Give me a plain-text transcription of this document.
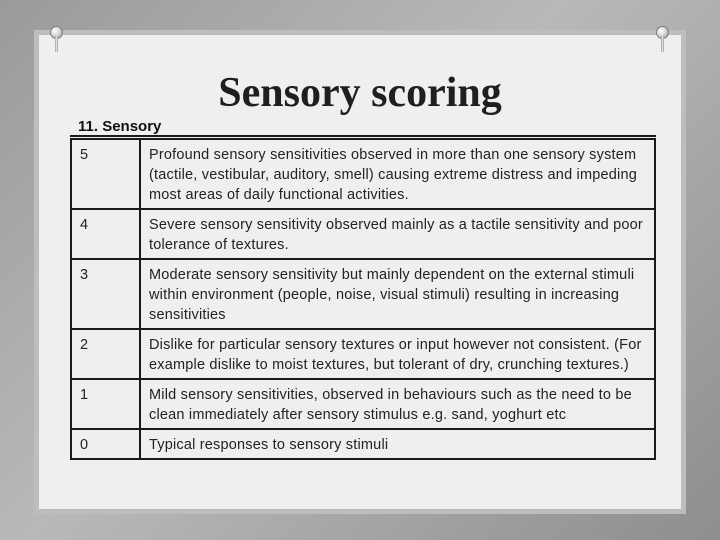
Sensory scoring
11. Sensory
5	Profound sensory sensitivities observed in more than one sensory system (tactile, vestibular, auditory, smell) causing extreme distress and impeding most areas of daily functional activities.
4	Severe sensory sensitivity observed mainly as a tactile sensitivity and poor tolerance of textures.
3	Moderate sensory sensitivity but mainly dependent on the external stimuli within environment (people, noise, visual stimuli) resulting in increasing sensitivities
2	Dislike for particular sensory textures or input however not consistent. (For example dislike to moist textures, but tolerant of dry, crunching textures.)
1	Mild sensory sensitivities, observed in behaviours such as the need to be clean immediately after sensory stimulus e.g. sand, yoghurt etc
0	Typical responses to sensory stimuli
